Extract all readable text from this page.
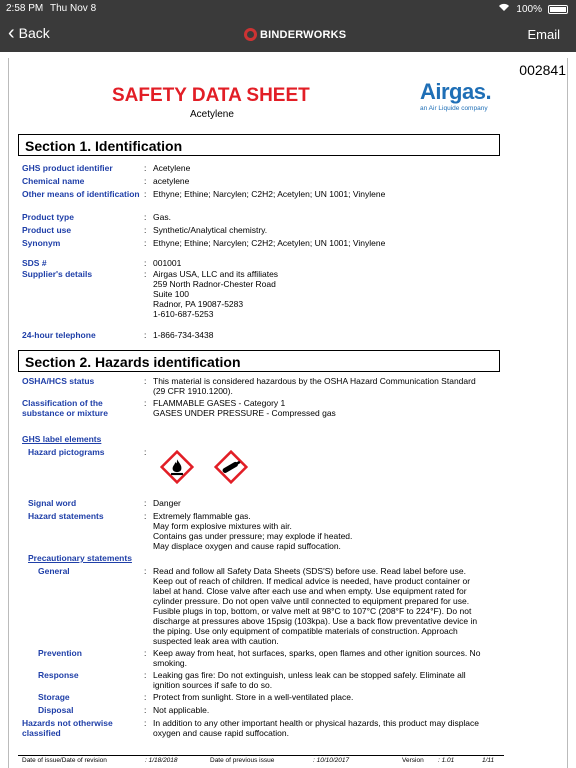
2:58 PM Thu Nov 8	100%
‹ Back	BINDERWORKS	Email
002841
SAFETY DATA SHEET
Acetylene
Airgas.
an Air Liquide company
Section 1. Identification
GHS product identifier	: Acetylene
Chemical name	: acetylene
Other means of identification : Ethyne; Ethine; Narcylen; C2H2; Acetylen; UN 1001; Vinylene
Product type	: Gas.
Product use	: Synthetic/Analytical chemistry.
Synonym	: Ethyne; Ethine; Narcylen; C2H2; Acetylen; UN 1001; Vinylene
SDS #	: 001001
Supplier's details	: Airgas USA, LLC and its affiliates
259 North Radnor-Chester Road
Suite 100
Radnor, PA 19087-5283
1-610-687-5253
24-hour telephone	: 1-866-734-3438
Section 2. Hazards identification
OSHA/HCS status	: This material is considered hazardous by the OSHA Hazard Communication Standard
(29 CFR 1910.1200).
Classification of the substance or mixture
: FLAMMABLE GASES - Category 1
GASES UNDER PRESSURE - Compressed gas
GHS label elements
Hazard pictograms	:
Signal word	: Danger
Hazard statements	: Extremely flammable gas.
May form explosive mixtures with air.
Contains gas under pressure; may explode if heated.
May displace oxygen and cause rapid suffocation.
Precautionary statements
General	: Read and follow all Safety Data Sheets (SDS'S) before use. Read label before use.
Keep out of reach of children. If medical advice is needed, have product container or
label at hand. Close valve after each use and when empty. Use equipment rated for
cylinder pressure. Do not open valve until connected to equipment prepared for use.
Fusible plugs in top, bottom, or valve melt at 98°C to 107°C (208°F to 224°F). Do not
discharge at pressures above 15psig (103kpa). Use a back flow preventative device in
the piping. Use only equipment of compatible materials of construction. Approach
suspected leak area with caution.
Prevention	: Keep away from heat, hot surfaces, sparks, open flames and other ignition sources. No
smoking.
Response	: Leaking gas fire: Do not extinguish, unless leak can be stopped safely. Eliminate all
ignition sources if safe to do so.
Storage	: Protect from sunlight. Store in a well-ventilated place.
Disposal	: Not applicable.
Hazards not otherwise classified
: In addition to any other important health or physical hazards, this product may displace
oxygen and cause rapid suffocation.
Date of issue/Date of revision	: 1/18/2018	Date of previous issue	: 10/10/2017	Version : 1.01	1/11
